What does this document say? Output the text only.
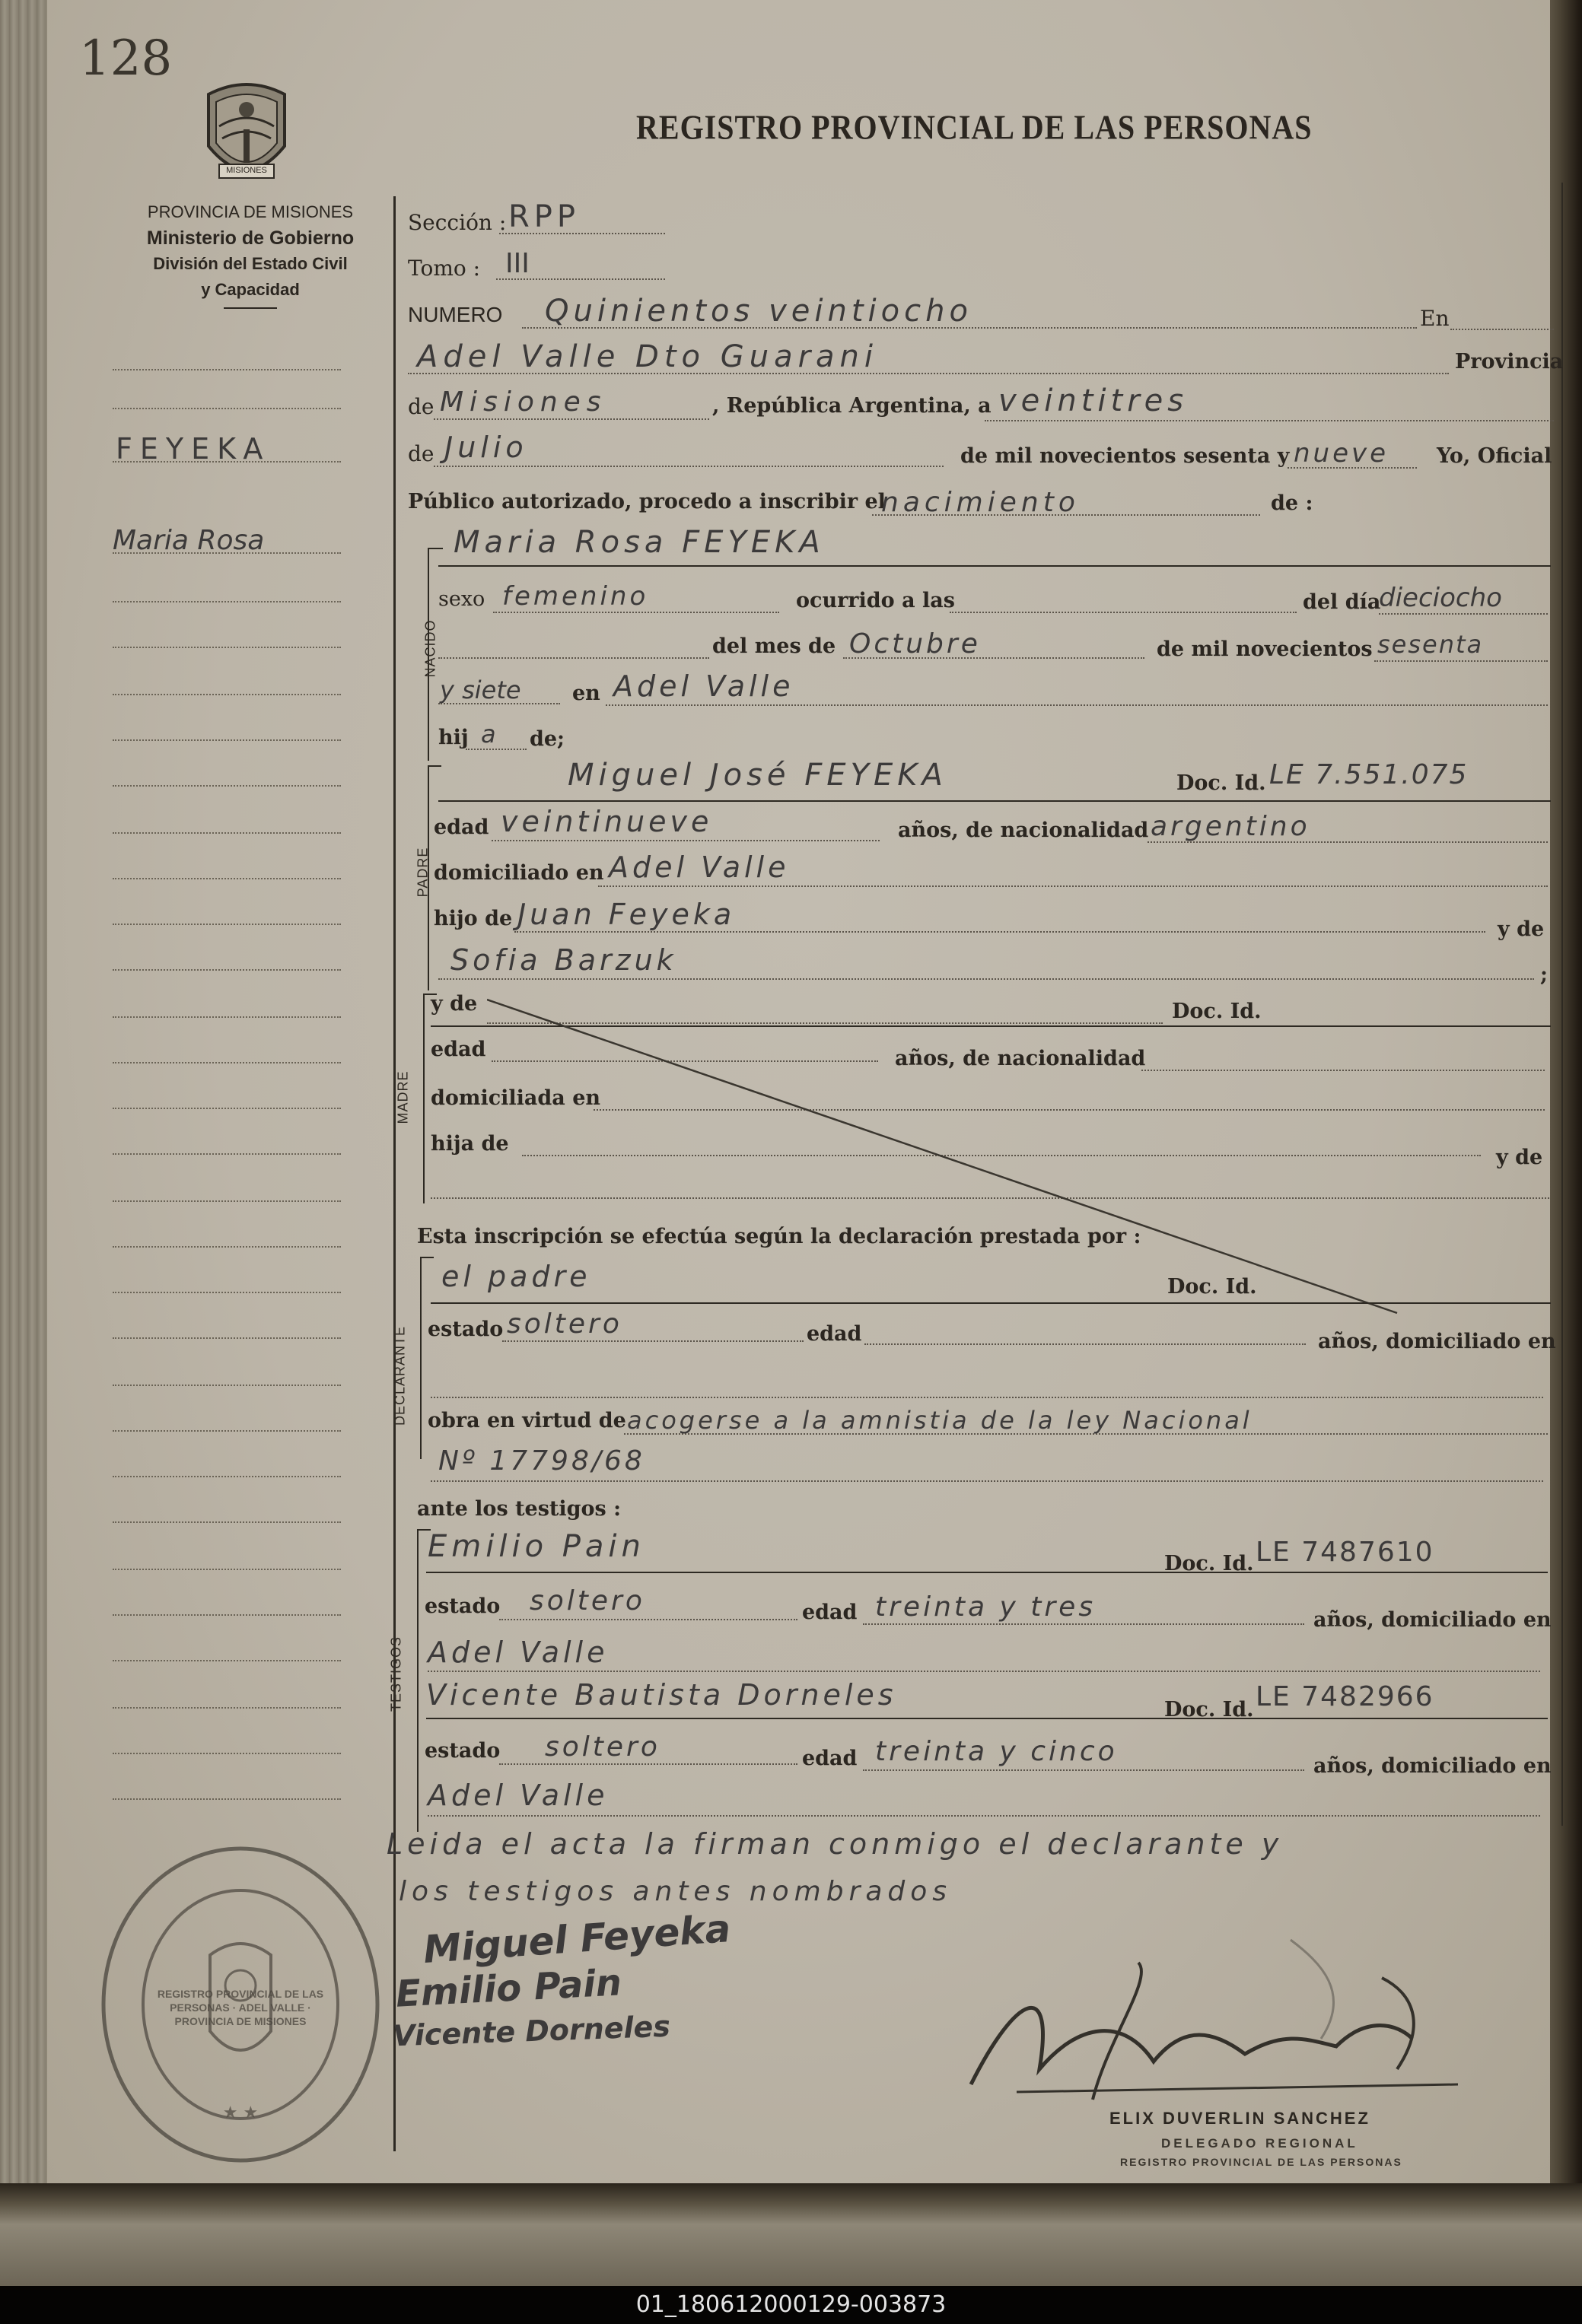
01_180612000129-003873
128
MISIONES
PROVINCIA DE MISIONES
Ministerio de Gobierno
División del Estado Civil
y Capacidad
REGISTRO PROVINCIAL DE LAS PERSONAS
FEYEKA
Maria Rosa
Sección : RPP
Tomo : III
NUMERO Quinientos veintiocho	En
Adel Valle Dto Guarani	Provincia
de Misiones	, República Argentina, a veintitres
de Julio	de mil novecientos sesenta y nueve Yo, Oficial
Público autorizado, procedo a inscribir el
nacimiento	de :
NACIDO
Maria Rosa FEYEKA
sexo femenino	ocurrido a las	del día
dieciocho
del mes de Octubre	de mil novecientos sesenta
y siete en Adel Valle
hij a de;
PADRE
Miguel José FEYEKA	Doc. Id. LE 7.551.075
edad veintinueve	años, de nacionalidad argentino
domiciliado en Adel Valle
hijo de Juan Feyeka	y de
Sofia Barzuk	;
MADRE
y de	Doc. Id.
edad	años, de nacionalidad
domiciliada en
hija de
y de
Esta inscripción se efectúa según la declaración prestada por :
DECLARANTE
el padre	Doc. Id.
estado soltero	edad	años, domiciliado en
obra en virtud de acogerse a la amnistia de la ley Nacional
Nº 17798/68
ante los testigos :
TESTIGOS
Emilio Pain	Doc. Id. LE 7487610
estado soltero	edad treinta y tres	años, domiciliado en
Adel Valle
Vicente Bautista Dorneles	Doc. Id. LE 7482966
estado soltero	edad treinta y cinco	años, domiciliado en
Adel Valle
Leida el acta la firman conmigo el declarante y
los testigos antes nombrados
Miguel Feyeka
Emilio Pain
Vicente Dorneles
★ ★
REGISTRO PROVINCIAL DE LAS PERSONAS · ADEL VALLE · PROVINCIA DE MISIONES
ELIX DUVERLIN SANCHEZ
DELEGADO REGIONAL
REGISTRO PROVINCIAL DE LAS PERSONAS
